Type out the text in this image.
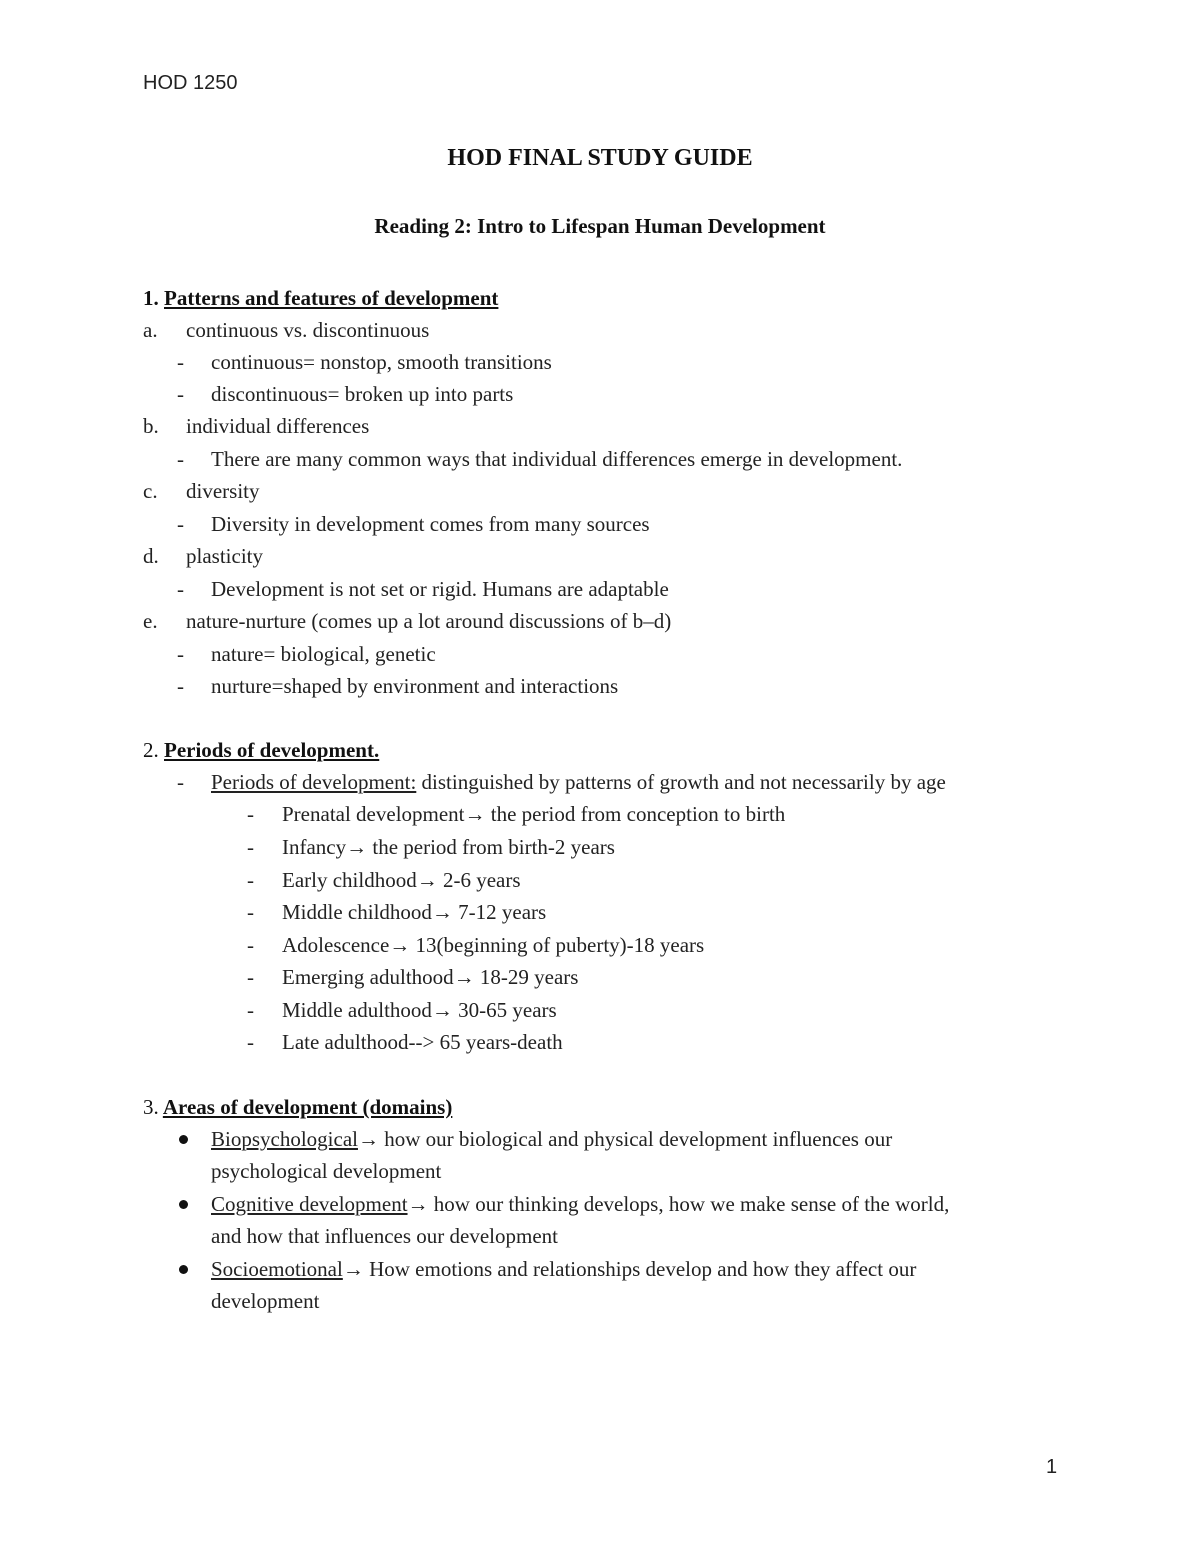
HOD 1250
HOD FINAL STUDY GUIDE
Reading 2: Intro to Lifespan Human Development
1. Patterns and features of development
a. continuous vs. discontinuous
- continuous= nonstop, smooth transitions
- discontinuous= broken up into parts
b. individual differences
- There are many common ways that individual differences emerge in development.
c. diversity
- Diversity in development comes from many sources
d. plasticity
- Development is not set or rigid. Humans are adaptable
e. nature-nurture (comes up a lot around discussions of b–d)
- nature= biological, genetic
- nurture=shaped by environment and interactions
2. Periods of development.
- Periods of development: distinguished by patterns of growth and not necessarily by age
- Prenatal development→ the period from conception to birth
- Infancy→ the period from birth-2 years
- Early childhood→ 2-6 years
- Middle childhood→ 7-12 years
- Adolescence→ 13(beginning of puberty)-18 years
- Emerging adulthood→ 18-29 years
- Middle adulthood→ 30-65 years
- Late adulthood--> 65 years-death
3. Areas of development (domains)
Biopsychological→ how our biological and physical development influences our
psychological development
Cognitive development→ how our thinking develops, how we make sense of the world,
and how that influences our development
Socioemotional→ How emotions and relationships develop and how they affect our
development
1
